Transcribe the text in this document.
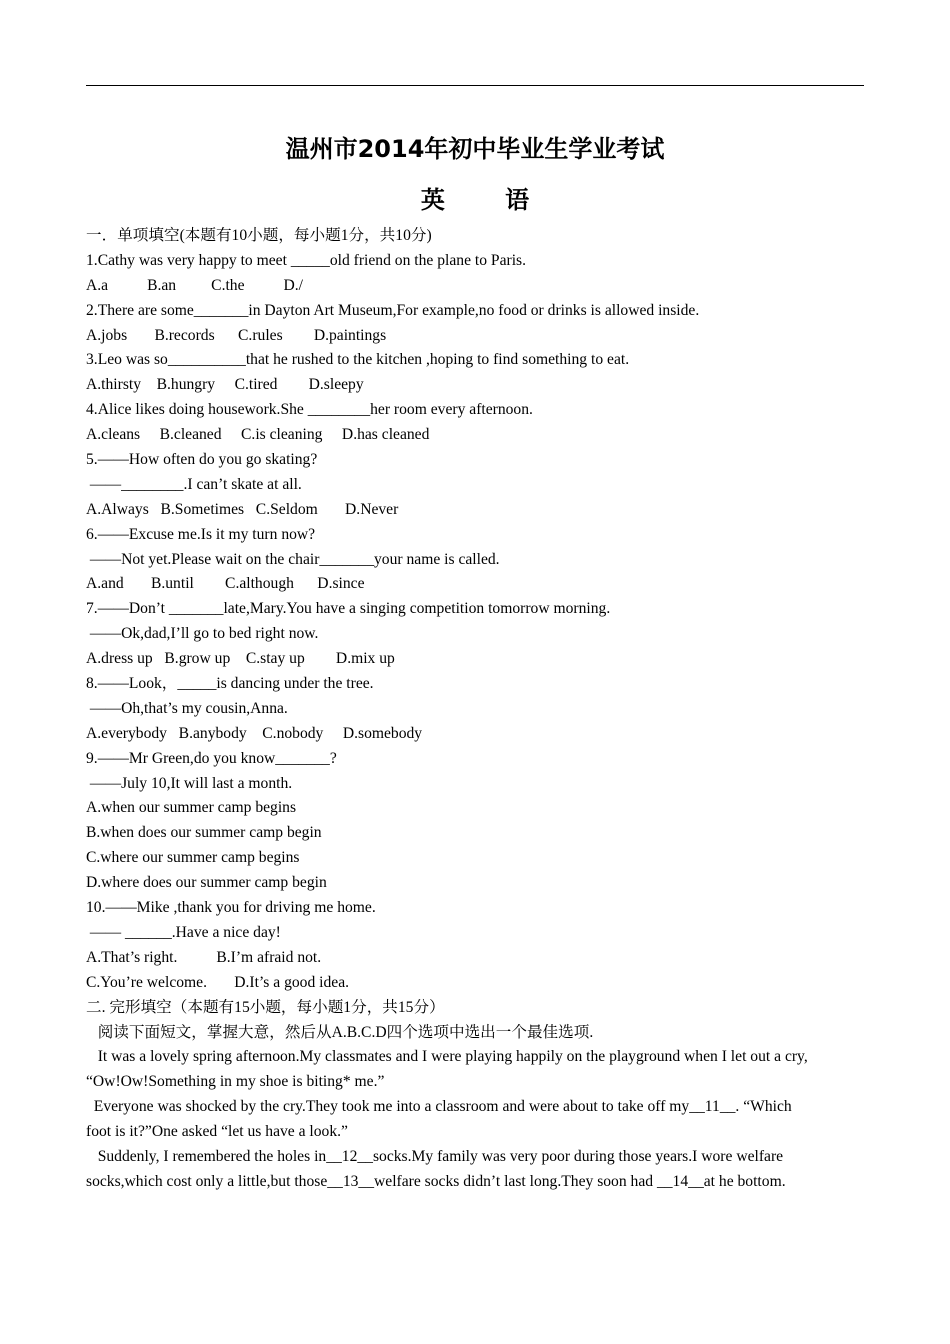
温州市2014年初中毕业生学业考试
英 语
一．单项填空(本题有10小题，每小题1分，共10分)
1.Cathy was very happy to meet _____old friend on the plane to Paris.
A.a          B.an         C.the          D./
2.There are some_______in Dayton Art Museum,For example,no food or drinks is allowed inside.
A.jobs       B.records      C.rules        D.paintings
3.Leo was so__________that he rushed to the kitchen ,hoping to find something to eat.
A.thirsty    B.hungry     C.tired        D.sleepy
4.Alice likes doing housework.She ________her room every afternoon.
A.cleans     B.cleaned     C.is cleaning     D.has cleaned
5.——How often do you go skating?
——________.I can’t skate at all.
A.Always   B.Sometimes   C.Seldom       D.Never
6.——Excuse me.Is it my turn now?
——Not yet.Please wait on the chair_______your name is called.
A.and       B.until        C.although      D.since
7.——Don’t _______late,Mary.You have a singing competition tomorrow morning.
——Ok,dad,I’ll go to bed right now.
A.dress up   B.grow up    C.stay up        D.mix up
8.——Look，_____is dancing under the tree.
——Oh,that’s my cousin,Anna.
A.everybody   B.anybody    C.nobody     D.somebody
9.——Mr Green,do you know_______?
——July 10,It will last a month.
A.when our summer camp begins
B.when does our summer camp begin
C.where our summer camp begins
D.where does our summer camp begin
10.——Mike ,thank you for driving me home.
—— ______.Have a nice day!
A.That’s right.          B.I’m afraid not.
C.You’re welcome.       D.It’s a good idea.
二. 完形填空（本题有15小题，每小题1分，共15分）
阅读下面短文，掌握大意，然后从A.B.C.D四个选项中选出一个最佳选项.
It was a lovely spring afternoon.My classmates and I were playing happily on the playground when I let out a cry,
“Ow!Ow!Something in my shoe is biting* me.”
Everyone was shocked by the cry.They took me into a classroom and were about to take off my__11__. “Which
foot is it?”One asked “let us have a look.”
Suddenly, I remembered the holes in__12__socks.My family was very poor during those years.I wore welfare
socks,which cost only a little,but those__13__welfare socks didn’t last long.They soon had __14__at he bottom.
